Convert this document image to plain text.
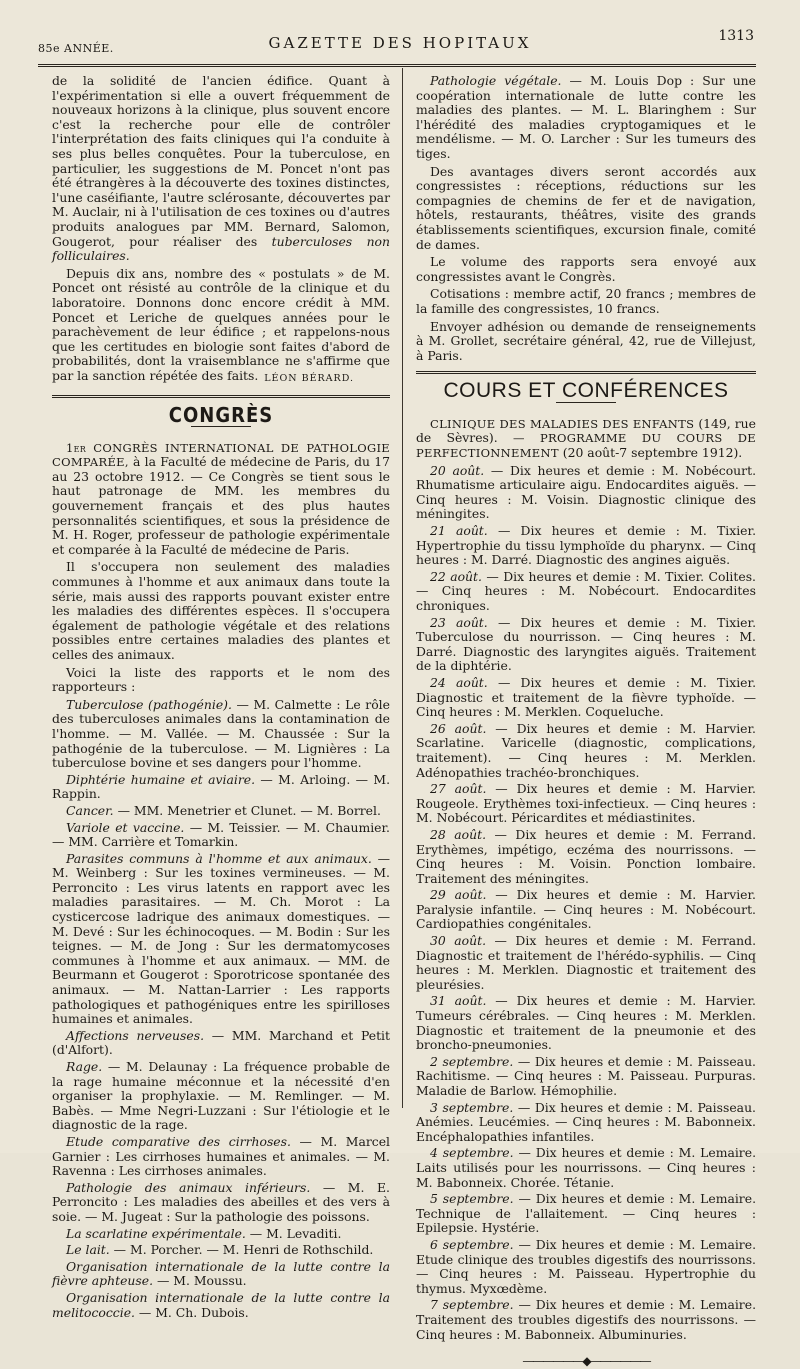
85e ANNÉE.	GAZETTE DES HOPITAUX	1313

de la solidité de l'ancien édifice. Quant à l'expérimentation si elle a ouvert fréquemment de nouveaux horizons à la clinique, plus souvent encore c'est la recherche pour elle de contrôler l'interprétation des faits cliniques qui l'a conduite à ses plus belles conquêtes. Pour la tuberculose, en particulier, les suggestions de M. Poncet n'ont pas été étrangères à la découverte des toxines distinctes, l'une caséifiante, l'autre sclérosante, découvertes par M. Auclair, ni à l'utilisation de ces toxines ou d'autres produits analogues par MM. Bernard, Salomon, Gougerot, pour réaliser des tuberculoses non folliculaires.

Depuis dix ans, nombre des « postulats » de M. Poncet ont résisté au contrôle de la clinique et du laboratoire. Donnons donc encore crédit à MM. Poncet et Leriche de quelques années pour le parachèvement de leur édifice ; et rappelons-nous que les certitudes en biologie sont faites d'abord de probabilités, dont la vraisemblance ne s'affirme que par la sanction répétée des faits. LÉON BÉRARD.
CONGRÈS

1er CONGRÈS INTERNATIONAL DE PATHOLOGIE COMPARÉE, à la Faculté de médecine de Paris, du 17 au 23 octobre 1912. — Ce Congrès se tient sous le haut patronage de MM. les membres du gouvernement français et des plus hautes personnalités scientifiques, et sous la présidence de M. H. Roger, professeur de pathologie expérimentale et comparée à la Faculté de médecine de Paris.

Il s'occupera non seulement des maladies communes à l'homme et aux animaux dans toute la série, mais aussi des rapports pouvant exister entre les maladies des différentes espèces. Il s'occupera également de pathologie végétale et des relations possibles entre certaines maladies des plantes et celles des animaux.

Voici la liste des rapports et le nom des rapporteurs :

Tuberculose (pathogénie). — M. Calmette : Le rôle des tuberculoses animales dans la contamination de l'homme. — M. Vallée. — M. Chaussée : Sur la pathogénie de la tuberculose. — M. Lignières : La tuberculose bovine et ses dangers pour l'homme.

Diphtérie humaine et aviaire. — M. Arloing. — M. Rappin.

Cancer. — MM. Menetrier et Clunet. — M. Borrel.

Variole et vaccine. — M. Teissier. — M. Chaumier. — MM. Carrière et Tomarkin.

Parasites communs à l'homme et aux animaux. — M. Weinberg : Sur les toxines vermineuses. — M. Perroncito : Les virus latents en rapport avec les maladies parasitaires. — M. Ch. Morot : La cysticercose ladrique des animaux domestiques. — M. Devé : Sur les échinocoques. — M. Bodin : Sur les teignes. — M. de Jong : Sur les dermatomycoses communes à l'homme et aux animaux. — MM. de Beurmann et Gougerot : Sporotricose spontanée des animaux. — M. Nattan-Larrier : Les rapports pathologiques et pathogéniques entre les spirilloses humaines et animales.

Affections nerveuses. — MM. Marchand et Petit (d'Alfort).

Rage. — M. Delaunay : La fréquence probable de la rage humaine méconnue et la nécessité d'en organiser la prophylaxie. — M. Remlinger. — M. Babès. — Mme Negri-Luzzani : Sur l'étiologie et le diagnostic de la rage.

Etude comparative des cirrhoses. — M. Marcel Garnier : Les cirrhoses humaines et animales. — M. Ravenna : Les cirrhoses animales.

Pathologie des animaux inférieurs. — M. E. Perroncito : Les maladies des abeilles et des vers à soie. — M. Jugeat : Sur la pathologie des poissons.

La scarlatine expérimentale. — M. Levaditi.

Le lait. — M. Porcher. — M. Henri de Rothschild.

Organisation internationale de la lutte contre la fièvre aphteuse. — M. Moussu.

Organisation internationale de la lutte contre la melitococcie. — M. Ch. Dubois.

Pathologie végétale. — M. Louis Dop : Sur une coopération internationale de lutte contre les maladies des plantes. — M. L. Blaringhem : Sur l'hérédité des maladies cryptogamiques et le mendélisme. — M. O. Larcher : Sur les tumeurs des tiges.

Des avantages divers seront accordés aux congressistes : réceptions, réductions sur les compagnies de chemins de fer et de navigation, hôtels, restaurants, théâtres, visite des grands établissements scientifiques, excursion finale, comité de dames.

Le volume des rapports sera envoyé aux congressistes avant le Congrès.

Cotisations : membre actif, 20 francs ; membres de la famille des congressistes, 10 francs.

Envoyer adhésion ou demande de renseignements à M. Grollet, secrétaire général, 42, rue de Villejust, à Paris.

COURS ET CONFÉRENCES

CLINIQUE DES MALADIES DES ENFANTS (149, rue de Sèvres). — PROGRAMME DU COURS DE PERFECTIONNEMENT (20 août-7 septembre 1912).

20 août. — Dix heures et demie : M. Nobécourt. Rhumatisme articulaire aigu. Endocardites aiguës. — Cinq heures : M. Voisin. Diagnostic clinique des méningites.

21 août. — Dix heures et demie : M. Tixier. Hypertrophie du tissu lymphoïde du pharynx. — Cinq heures : M. Darré. Diagnostic des angines aiguës.

22 août. — Dix heures et demie : M. Tixier. Colites. — Cinq heures : M. Nobécourt. Endocardites chroniques.

23 août. — Dix heures et demie : M. Tixier. Tuberculose du nourrisson. — Cinq heures : M. Darré. Diagnostic des laryngites aiguës. Traitement de la diphtérie.

24 août. — Dix heures et demie : M. Tixier. Diagnostic et traitement de la fièvre typhoïde. — Cinq heures : M. Merklen. Coqueluche.

26 août. — Dix heures et demie : M. Harvier. Scarlatine. Varicelle (diagnostic, complications, traitement). — Cinq heures : M. Merklen. Adénopathies trachéo-bronchiques.

27 août. — Dix heures et demie : M. Harvier. Rougeole. Erythèmes toxi-infectieux. — Cinq heures : M. Nobécourt. Péricardites et médiastinites.

28 août. — Dix heures et demie : M. Ferrand. Erythèmes, impétigo, eczéma des nourrissons. — Cinq heures : M. Voisin. Ponction lombaire. Traitement des méningites.

29 août. — Dix heures et demie : M. Harvier. Paralysie infantile. — Cinq heures : M. Nobécourt. Cardiopathies congénitales.

30 août. — Dix heures et demie : M. Ferrand. Diagnostic et traitement de l'hérédo-syphilis. — Cinq heures : M. Merklen. Diagnostic et traitement des pleurésies.

31 août. — Dix heures et demie : M. Harvier. Tumeurs cérébrales. — Cinq heures : M. Merklen. Diagnostic et traitement de la pneumonie et des broncho-pneumonies.

2 septembre. — Dix heures et demie : M. Paisseau. Rachitisme. — Cinq heures : M. Paisseau. Purpuras. Maladie de Barlow. Hémophilie.

3 septembre. — Dix heures et demie : M. Paisseau. Anémies. Leucémies. — Cinq heures : M. Babonneix. Encéphalopathies infantiles.

4 septembre. — Dix heures et demie : M. Lemaire. Laits utilisés pour les nourrissons. — Cinq heures : M. Babonneix. Chorée. Tétanie.

5 septembre. — Dix heures et demie : M. Lemaire. Technique de l'allaitement. — Cinq heures : Epilepsie. Hystérie.

6 septembre. — Dix heures et demie : M. Lemaire. Etude clinique des troubles digestifs des nourrissons. — Cinq heures : M. Paisseau. Hypertrophie du thymus. Myxœdème.

7 septembre. — Dix heures et demie : M. Lemaire. Traitement des troubles digestifs des nourrissons. — Cinq heures : M. Babonneix. Albuminuries.

——————◆——————
